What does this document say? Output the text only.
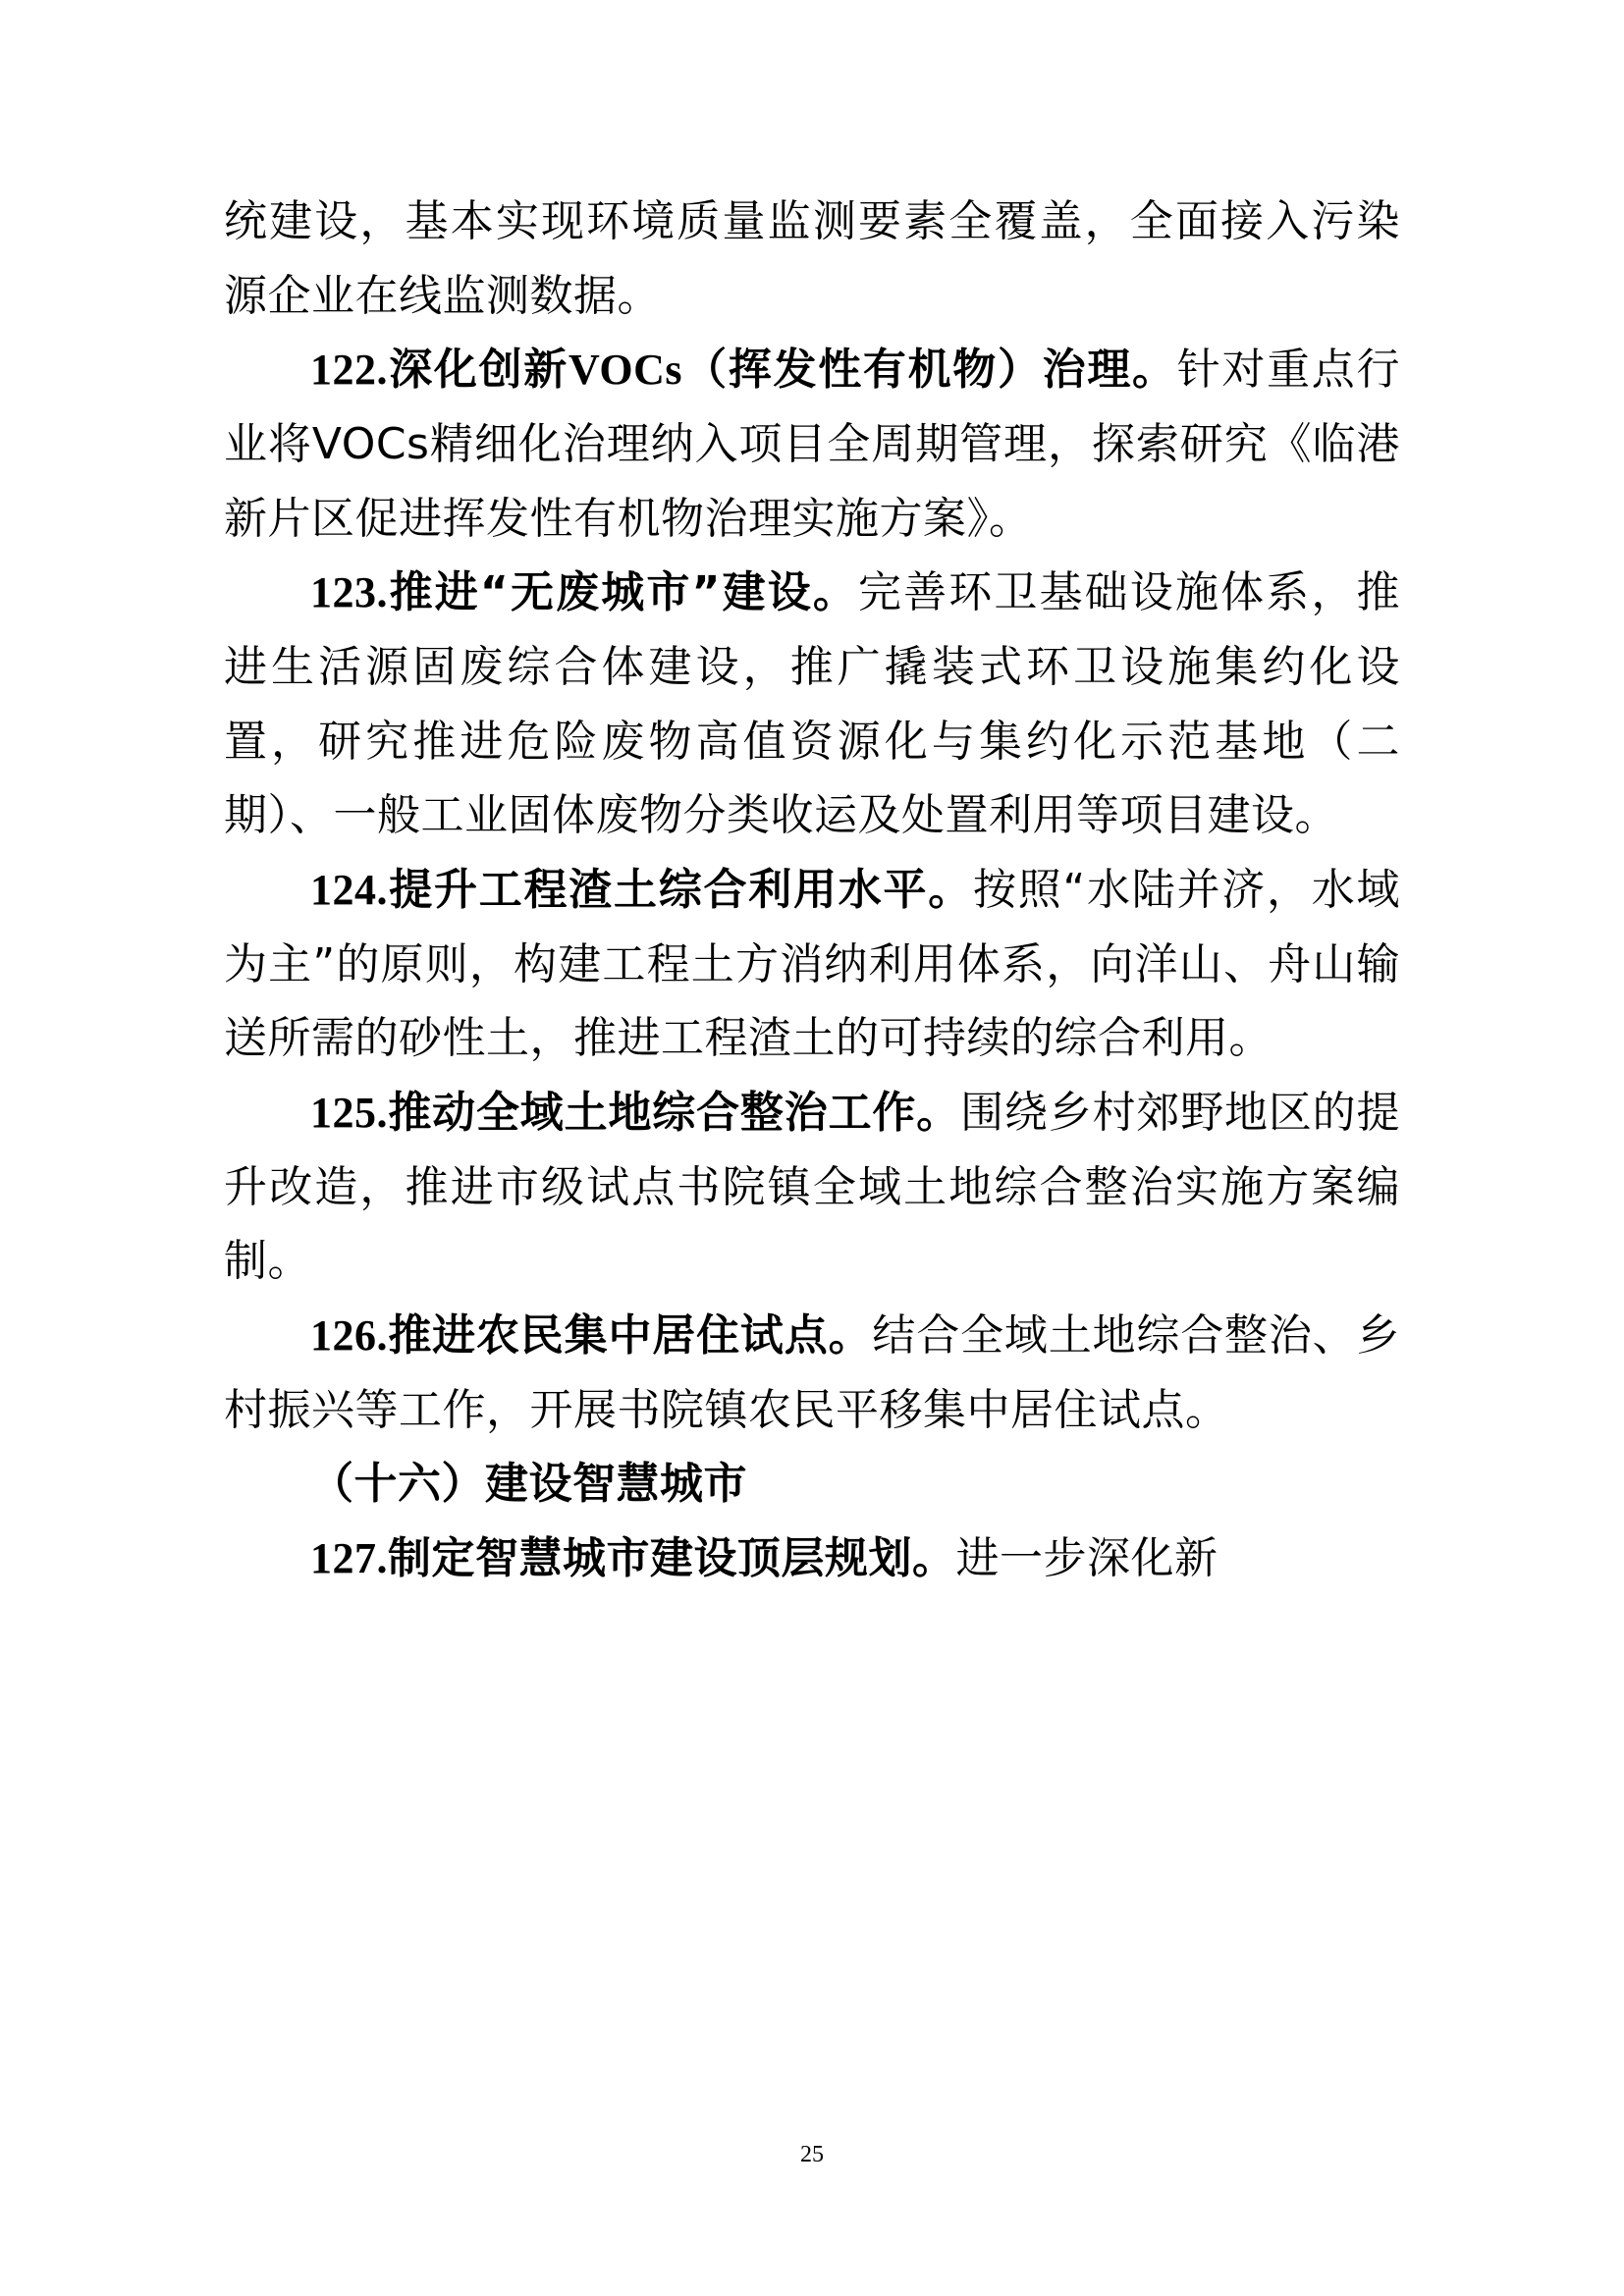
统建设，基本实现环境质量监测要素全覆盖，全面接入污染源企业在线监测数据。

122.深化创新VOCs（挥发性有机物）治理。针对重点行业将VOCs精细化治理纳入项目全周期管理，探索研究《临港新片区促进挥发性有机物治理实施方案》。

123.推进“无废城市”建设。完善环卫基础设施体系，推进生活源固废综合体建设，推广撬装式环卫设施集约化设置，研究推进危险废物高值资源化与集约化示范基地（二期）、一般工业固体废物分类收运及处置利用等项目建设。

124.提升工程渣土综合利用水平。按照“水陆并济，水域为主”的原则，构建工程土方消纳利用体系，向洋山、舟山输送所需的砂性土，推进工程渣土的可持续的综合利用。

125.推动全域土地综合整治工作。围绕乡村郊野地区的提升改造，推进市级试点书院镇全域土地综合整治实施方案编制。

126.推进农民集中居住试点。结合全域土地综合整治、乡村振兴等工作，开展书院镇农民平移集中居住试点。

（十六）建设智慧城市

127.制定智慧城市建设顶层规划。进一步深化新

25
